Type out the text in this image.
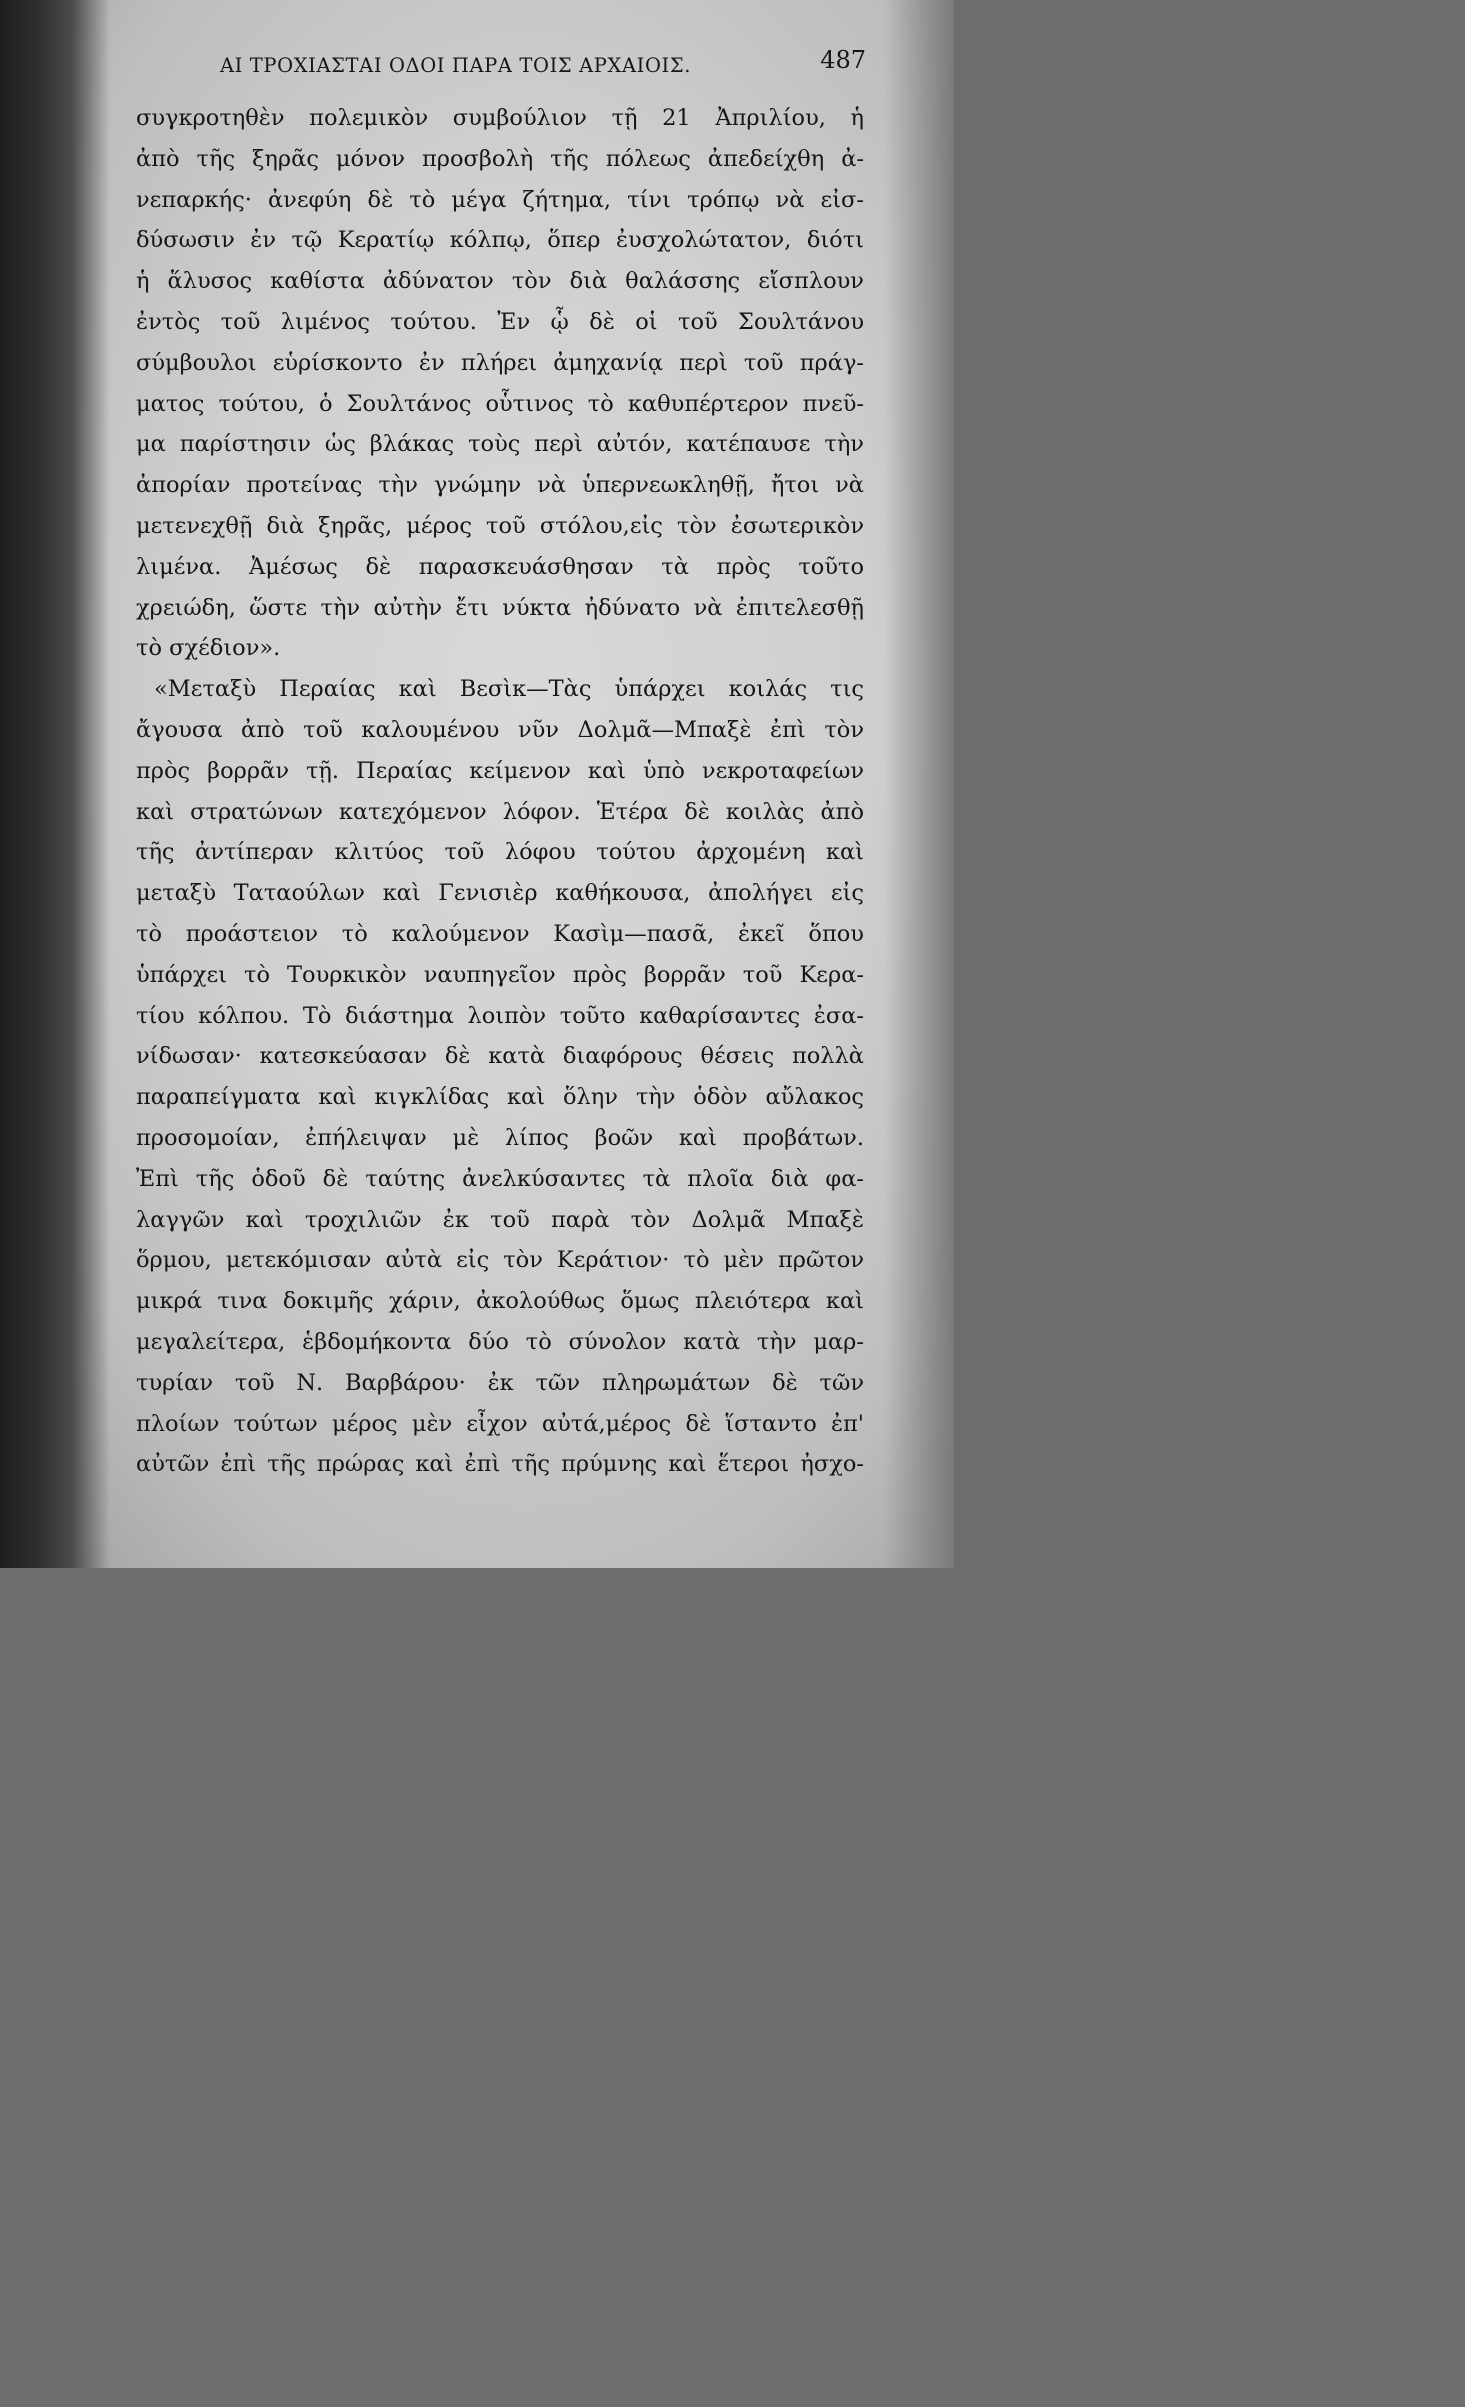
ΑΙ ΤΡΟΧΙΑΣΤΑΙ ΟΔΟΙ ΠΑΡΑ ΤΟΙΣ ΑΡΧΑΙΟΙΣ.	487
συγκροτηθὲν πολεμικὸν συμβούλιον τῇ 21 Ἀπριλίου, ἡ
ἀπὸ τῆς ξηρᾶς μόνον προσβολὴ τῆς πόλεως ἀπεδείχθη ἀ-
νεπαρκής· ἀνεφύη δὲ τὸ μέγα ζήτημα, τίνι τρόπῳ νὰ εἰσ-
δύσωσιν ἐν τῷ Κερατίῳ κόλπῳ, ὅπερ ἐυσχολώτατον, διότι
ἡ ἅλυσος καθίστα ἀδύνατον τὸν διὰ θαλάσσης εἴσπλουν
ἐντὸς τοῦ λιμένος τούτου. Ἐν ᾧ δὲ οἱ τοῦ Σουλτάνου
σύμβουλοι εὑρίσκοντο ἐν πλήρει ἀμηχανίᾳ περὶ τοῦ πράγ-
ματος τούτου, ὁ Σουλτάνος οὗτινος τὸ καθυπέρτερον πνεῦ-
μα παρίστησιν ὡς βλάκας τοὺς περὶ αὐτόν, κατέπαυσε τὴν
ἀπορίαν προτείνας τὴν γνώμην νὰ ὑπερνεωκληθῇ, ἤτοι νὰ
μετενεχθῇ διὰ ξηρᾶς, μέρος τοῦ στόλου,εἰς τὸν ἐσωτερικὸν
λιμένα. Ἀμέσως δὲ παρασκευάσθησαν τὰ πρὸς τοῦτο
χρειώδη, ὥστε τὴν αὐτὴν ἔτι νύκτα ἠδύνατο νὰ ἐπιτελεσθῇ
τὸ σχέδιον».
«Μεταξὺ Περαίας καὶ Βεσὶκ—Τὰς ὑπάρχει κοιλάς τις
ἄγουσα ἀπὸ τοῦ καλουμένου νῦν Δολμᾶ—Μπαξὲ ἐπὶ τὸν
πρὸς βορρᾶν τῇ. Περαίας κείμενον καὶ ὑπὸ νεκροταφείων
καὶ στρατώνων κατεχόμενον λόφον. Ἑτέρα δὲ κοιλὰς ἀπὸ
τῆς ἀντίπεραν κλιτύος τοῦ λόφου τούτου ἀρχομένη καὶ
μεταξὺ Ταταούλων καὶ Γενισιὲρ καθήκουσα, ἀπολήγει εἰς
τὸ προάστειον τὸ καλούμενον Κασὶμ—πασᾶ, ἐκεῖ ὅπου
ὑπάρχει τὸ Τουρκικὸν ναυπηγεῖον πρὸς βορρᾶν τοῦ Κερα-
τίου κόλπου. Τὸ διάστημα λοιπὸν τοῦτο καθαρίσαντες ἐσα-
νίδωσαν· κατεσκεύασαν δὲ κατὰ διαφόρους θέσεις πολλὰ
παραπείγματα καὶ κιγκλίδας καὶ ὅλην τὴν ὁδὸν αὔλακος
προσομοίαν, ἐπήλειψαν μὲ λίπος βοῶν καὶ προβάτων.
Ἐπὶ τῆς ὁδοῦ δὲ ταύτης ἀνελκύσαντες τὰ πλοῖα διὰ φα-
λαγγῶν καὶ τροχιλιῶν ἐκ τοῦ παρὰ τὸν Δολμᾶ Μπαξὲ
ὅρμου, μετεκόμισαν αὐτὰ εἰς τὸν Κεράτιον· τὸ μὲν πρῶτον
μικρά τινα δοκιμῆς χάριν, ἀκολούθως ὅμως πλειότερα καὶ
μεγαλείτερα, ἑβδομήκοντα δύο τὸ σύνολον κατὰ τὴν μαρ-
τυρίαν τοῦ Ν. Βαρβάρου· ἐκ τῶν πληρωμάτων δὲ τῶν
πλοίων τούτων μέρος μὲν εἶχον αὐτά,μέρος δὲ ἵσταντο ἐπ'
αὐτῶν ἐπὶ τῆς πρώρας καὶ ἐπὶ τῆς πρύμνης καὶ ἕτεροι ἠσχο-
